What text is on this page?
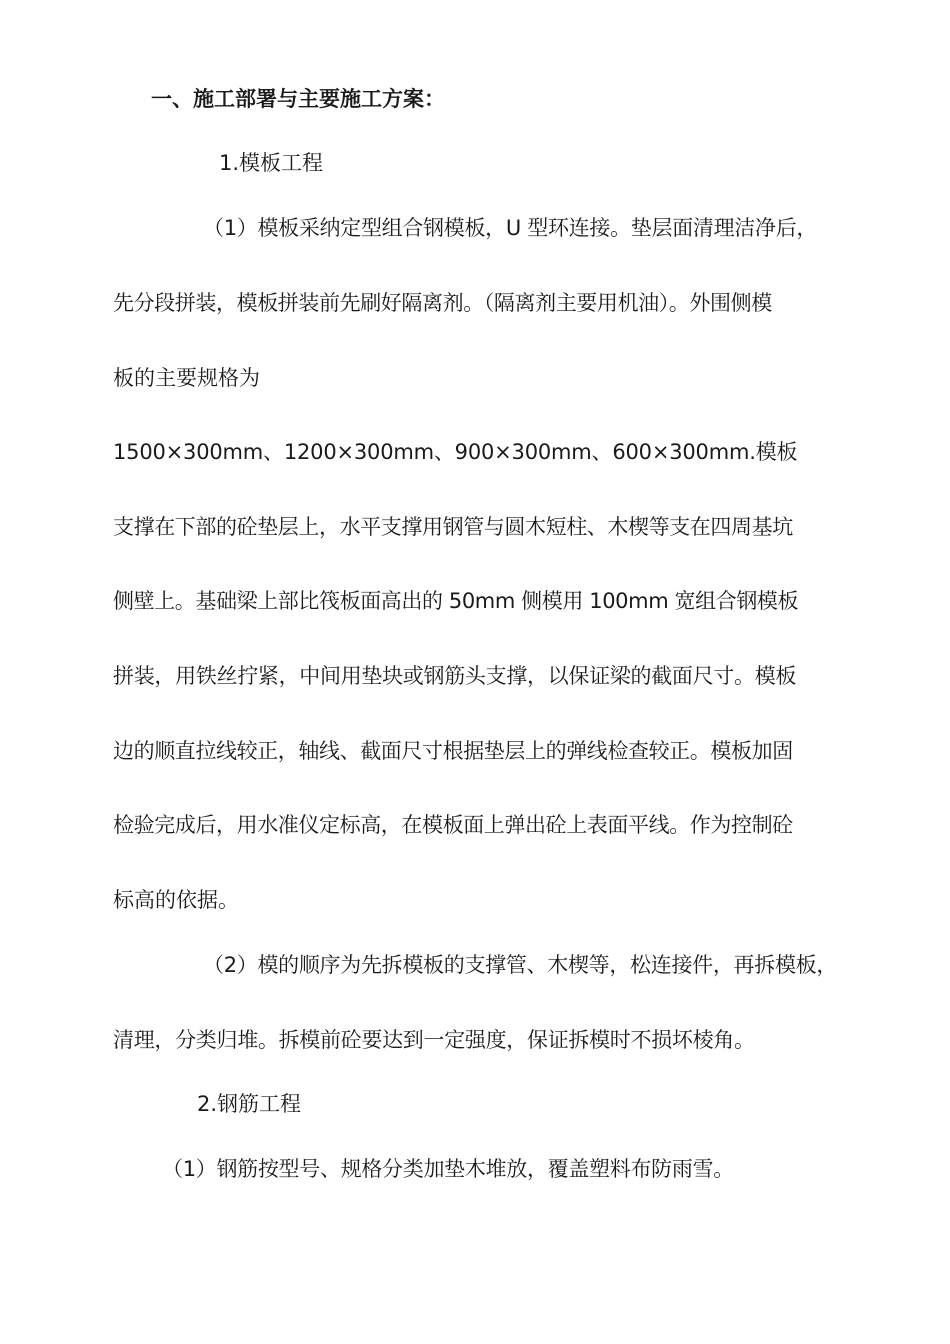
一、施工部署与主要施工方案：
1.模板工程
（1）模板采纳定型组合钢模板，U 型环连接。垫层面清理洁净后，
先分段拼装，模板拼装前先刷好隔离剂。（隔离剂主要用机油）。外围侧模
板的主要规格为
1500×300mm、1200×300mm、900×300mm、600×300mm.模板
支撑在下部的砼垫层上，水平支撑用钢管与圆木短柱、木楔等支在四周基坑
侧壁上。基础梁上部比筏板面高出的 50mm 侧模用 100mm 宽组合钢模板
拼装，用铁丝拧紧，中间用垫块或钢筋头支撑，以保证梁的截面尺寸。模板
边的顺直拉线较正，轴线、截面尺寸根据垫层上的弹线检查较正。模板加固
检验完成后，用水准仪定标高，在模板面上弹出砼上表面平线。作为控制砼
标高的依据。
（2）模的顺序为先拆模板的支撑管、木楔等，松连接件，再拆模板，
清理，分类归堆。拆模前砼要达到一定强度，保证拆模时不损坏棱角。
2.钢筋工程
（1）钢筋按型号、规格分类加垫木堆放，覆盖塑料布防雨雪。
